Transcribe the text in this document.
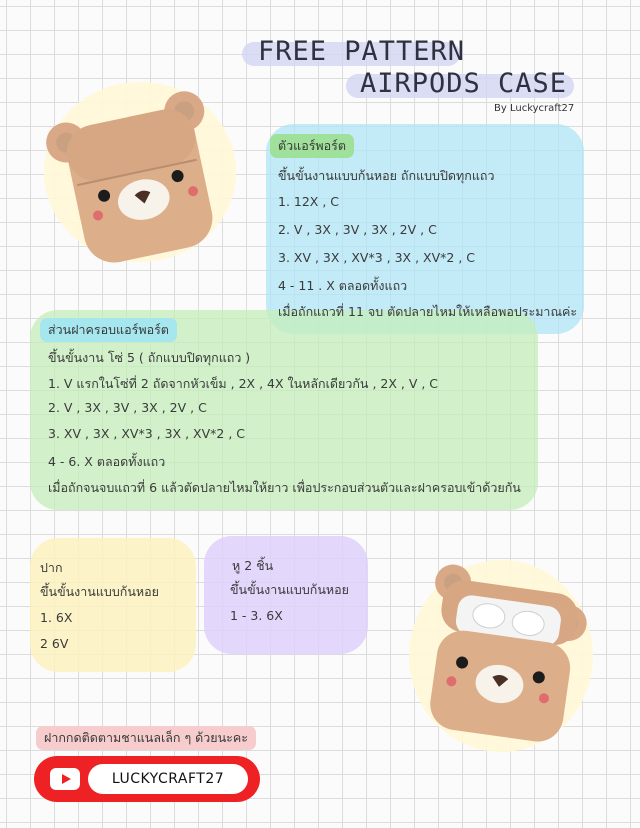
FREE PATTERN
AIRPODS CASE
By Luckycraft27
ตัวแอร์พอร์ต
ขึ้นขั้นงานแบบก้นหอย ถักแบบปิดทุกแถว
1. 12X , C
2. V , 3X , 3V , 3X , 2V , C
3. XV , 3X , XV*3 , 3X , XV*2 , C
4 - 11 . X ตลอดทั้งแถว
เมื่อถักแถวที่ 11 จบ ตัดปลายไหมให้เหลือพอประมาณค่ะ
ส่วนฝาครอบแอร์พอร์ต
ขึ้นขั้นงาน โซ่ 5 ( ถักแบบปิดทุกแถว )
1. V แรกในโซ่ที่ 2 ถัดจากหัวเข็ม , 2X , 4X ในหลักเดียวกัน , 2X , V , C
2. V , 3X , 3V , 3X , 2V , C
3. XV , 3X , XV*3 , 3X , XV*2 , C
4 - 6. X ตลอดทั้งแถว
เมื่อถักจนจบแถวที่ 6 แล้วตัดปลายไหมให้ยาว เพื่อประกอบส่วนตัวและฝาครอบเข้าด้วยกัน
ปาก
ขึ้นขั้นงานแบบก้นหอย
1. 6X
2 6V
หู 2 ชิ้น
ขึ้นขั้นงานแบบก้นหอย
1 - 3. 6X
ฝากกดติดตามชาแนลเล็ก ๆ ด้วยนะคะ
LUCKYCRAFT27
